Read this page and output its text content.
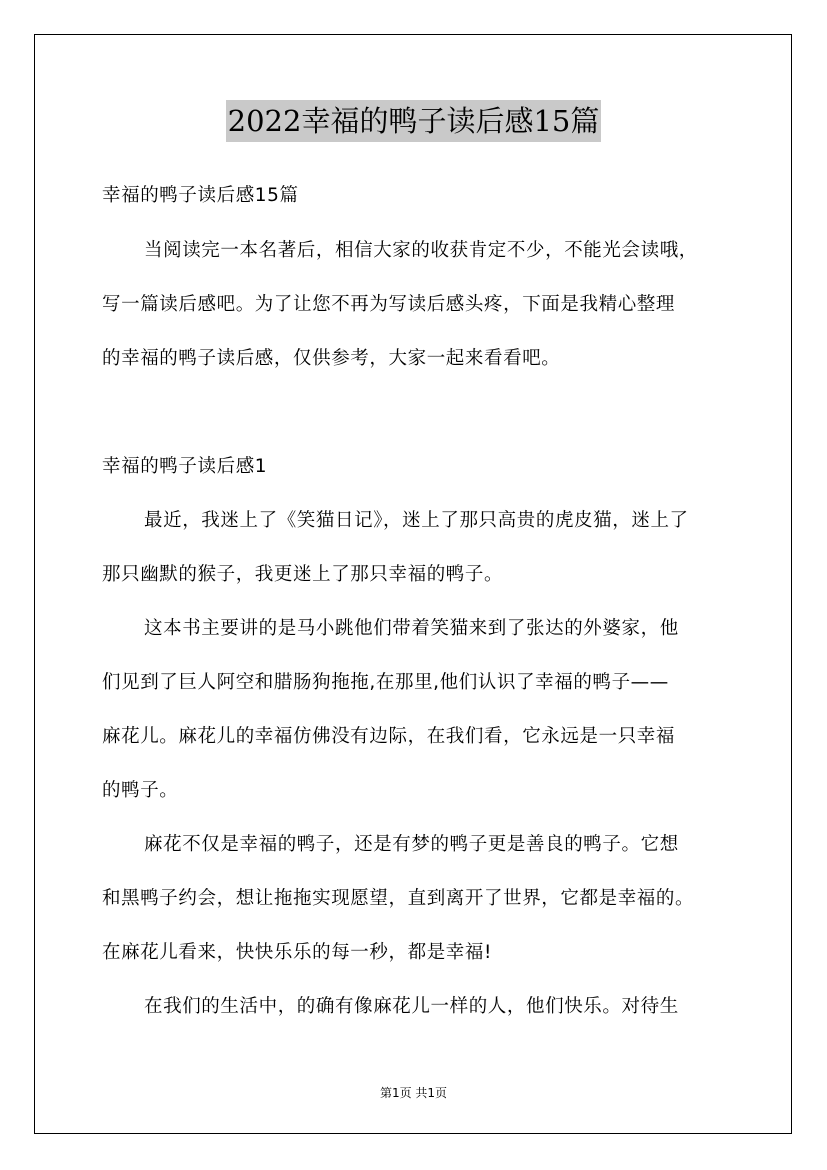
2022幸福的鸭子读后感15篇
幸福的鸭子读后感15篇
当阅读完一本名著后，相信大家的收获肯定不少，不能光会读哦，
写一篇读后感吧。为了让您不再为写读后感头疼，下面是我精心整理
的幸福的鸭子读后感，仅供参考，大家一起来看看吧。
幸福的鸭子读后感1
最近，我迷上了《笑猫日记》，迷上了那只高贵的虎皮猫，迷上了
那只幽默的猴子，我更迷上了那只幸福的鸭子。
这本书主要讲的是马小跳他们带着笑猫来到了张达的外婆家，他
们见到了巨人阿空和腊肠狗拖拖,在那里,他们认识了幸福的鸭子——
麻花儿。麻花儿的幸福仿佛没有边际，在我们看，它永远是一只幸福
的鸭子。
麻花不仅是幸福的鸭子，还是有梦的鸭子更是善良的鸭子。它想
和黑鸭子约会，想让拖拖实现愿望，直到离开了世界，它都是幸福的。
在麻花儿看来，快快乐乐的每一秒，都是幸福!
在我们的生活中，的确有像麻花儿一样的人，他们快乐。对待生
第1页 共1页
